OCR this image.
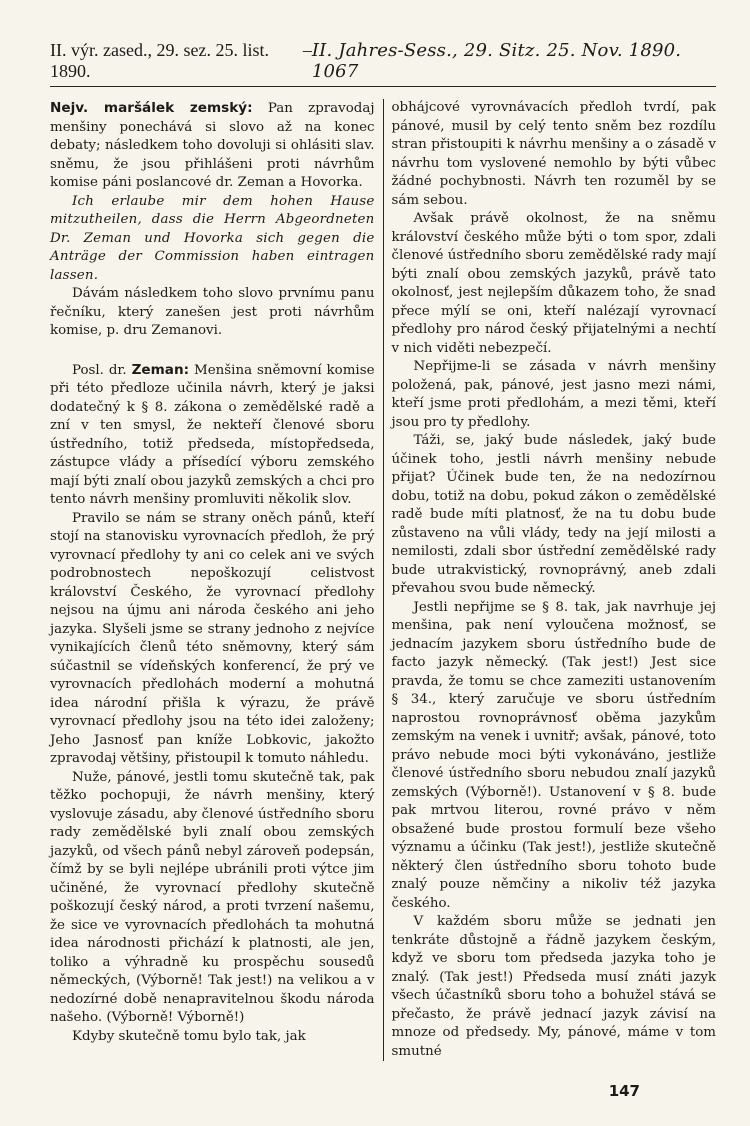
II. výr. zased., 29. sez. 25. list. 1890.
– II. Jahres-Sess., 29. Sitz. 25. Nov. 1890. 1067

Nejv. maršálek zemský: Pan zpravodaj menšiny ponechává si slovo až na konec debaty; následkem toho dovoluji si ohlásiti slav. sněmu, že jsou přihlášeni proti návrhům komise páni poslancové dr. Zeman a Hovorka.

Ich erlaube mir dem hohen Hause mitzutheilen, dass die Herrn Abgeordneten Dr. Zeman und Hovorka sich gegen die Anträge der Commission haben eintragen lassen.

Dávám následkem toho slovo prvnímu panu řečníku, který zanešen jest proti návrhům komise, p. dru Zemanovi.

Posl. dr. Zeman: Menšina sněmovní komise při této předloze učinila návrh, který je jaksi dodatečný k § 8. zákona o zemědělské radě a zní v ten smysl, že nekteří členové sboru ústředního, totiž předseda, místopředseda, zástupce vlády a přísedící výboru zemského mají býti znalí obou jazyků zemských a chci pro tento návrh menšiny promluviti několik slov.

Pravilo se nám se strany oněch pánů, kteří stojí na stanovisku vyrovnacích předloh, že prý vyrovnací předlohy ty ani co celek ani ve svých podrobnostech nepoškozují celistvost království Českého, že vyrovnací předlohy nejsou na újmu ani národa českého ani jeho jazyka. Slyšeli jsme se strany jednoho z nejvíce vynikajících členů této sněmovny, který sám súčastnil se vídeňských konferencí, že prý ve vyrovnacích předlohách moderní a mohutná idea národní přišla k výrazu, že právě vyrovnací předlohy jsou na této idei založeny; Jeho Jasnosť pan kníže Lobkovic, jakožto zpravodaj většiny, přistoupil k tomuto náhledu.

Nuže, pánové, jestli tomu skutečně tak, pak těžko pochopuji, že návrh menšiny, který vyslovuje zásadu, aby členové ústředního sboru rady zemědělské byli znalí obou zemských jazyků, od všech pánů nebyl zároveň podepsán, čímž by se byli nejlépe ubránili proti výtce jim učiněné, že vyrovnací předlohy skutečně poškozují český národ, a proti tvrzení našemu, že sice ve vyrovnacích předlohách ta mohutná idea národnosti přichází k platnosti, ale jen, toliko a výhradně ku prospěchu sousedů německých, (Výborně! Tak jest!) na velikou a v nedozírné době nenapravitelnou škodu národa našeho. (Výborně! Výborně!)

Kdyby skutečně tomu bylo tak, jak

obhájcové vyrovnávacích předloh tvrdí, pak pánové, musil by celý tento sněm bez rozdílu stran přistoupiti k návrhu menšiny a o zásadě v návrhu tom vyslovené nemohlo by býti vůbec žádné pochybnosti. Návrh ten rozuměl by se sám sebou.

Avšak právě okolnost, že na sněmu království českého může býti o tom spor, zdali členové ústředního sboru zemědělské rady mají býti znalí obou zemských jazyků, právě tato okolnosť, jest nejlepším důkazem toho, že snad přece mýlí se oni, kteří nalézají vyrovnací předlohy pro národ český přijatelnými a nechtí v nich viděti nebezpečí.

Nepřijme-li se zásada v návrh menšiny položená, pak, pánové, jest jasno mezi námi, kteří jsme proti předlohám, a mezi těmi, kteří jsou pro ty předlohy.

Táži, se, jaký bude následek, jaký bude účinek toho, jestli návrh menšiny nebude přijat? Účinek bude ten, že na nedozírnou dobu, totiž na dobu, pokud zákon o zemědělské radě bude míti platnosť, že na tu dobu bude zůstaveno na vůli vlády, tedy na její milosti a nemilosti, zdali sbor ústřední zemědělské rady bude utrakvistický, rovnoprávný, aneb zdali převahou svou bude německý.

Jestli nepřijme se § 8. tak, jak navrhuje jej menšina, pak není vyloučena možnosť, se jednacím jazykem sboru ústředního bude de facto jazyk německý. (Tak jest!) Jest sice pravda, že tomu se chce zameziti ustanovením § 34., který zaručuje ve sboru ústředním naprostou rovnoprávnosť oběma jazykům zemským na venek i uvnitř; avšak, pánové, toto právo nebude moci býti vykonáváno, jestliže členové ústředního sboru nebudou znalí jazyků zemských (Výborně!). Ustanovení v § 8. bude pak mrtvou literou, rovné právo v něm obsažené bude prostou formulí beze všeho významu a účinku (Tak jest!), jestliže skutečně některý člen ústředního sboru tohoto bude znalý pouze němčiny a nikoliv též jazyka českého.

V každém sboru může se jednati jen tenkráte důstojně a řádně jazykem českým, když ve sboru tom předseda jazyka toho je znalý. (Tak jest!) Předseda musí znáti jazyk všech účastníků sboru toho a bohužel stává se přečasto, že právě jednací jazyk závisí na mnoze od předsedy. My, pánové, máme v tom smutné

147
